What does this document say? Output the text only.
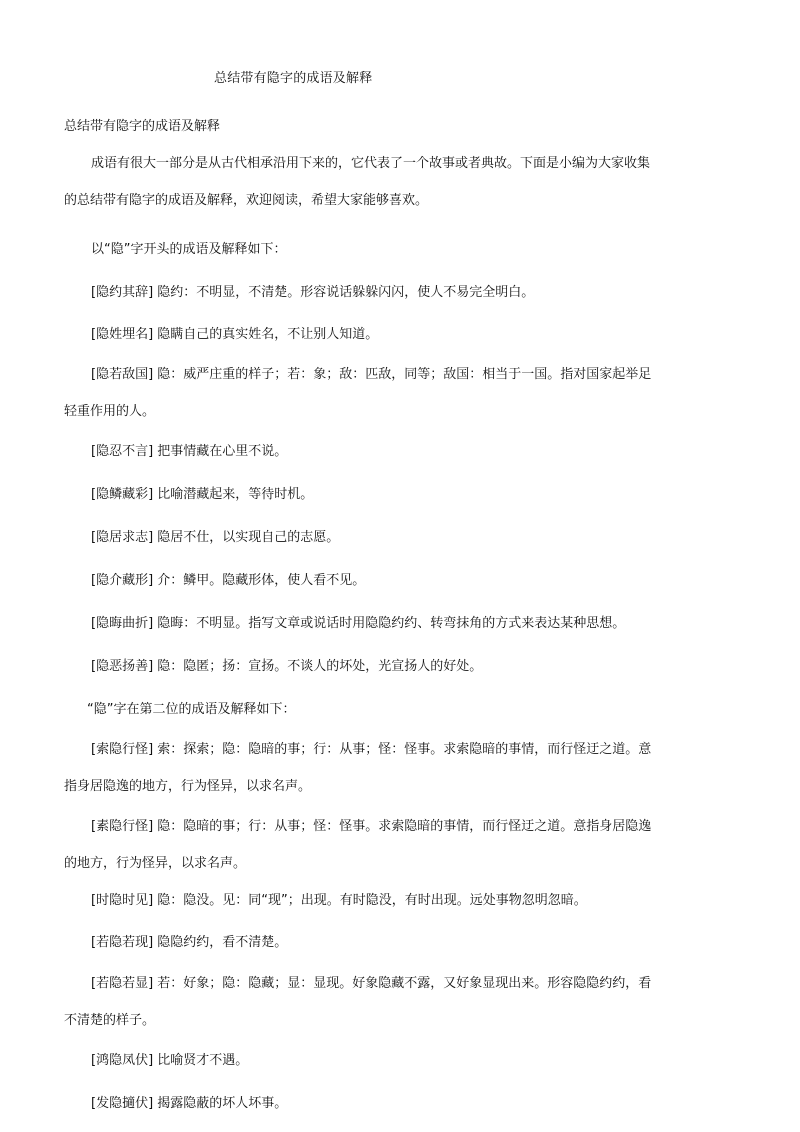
总结带有隐字的成语及解释
总结带有隐字的成语及解释
成语有很大一部分是从古代相承沿用下来的，它代表了一个故事或者典故。下面是小编为大家收集
的总结带有隐字的成语及解释，欢迎阅读，希望大家能够喜欢。
以“隐”字开头的成语及解释如下：
[隐约其辞] 隐约：不明显，不清楚。形容说话躲躲闪闪，使人不易完全明白。
[隐姓埋名] 隐瞒自己的真实姓名，不让别人知道。
[隐若敌国] 隐：威严庄重的样子；若：象；敌：匹敌，同等；敌国：相当于一国。指对国家起举足
轻重作用的人。
[隐忍不言] 把事情藏在心里不说。
[隐鳞藏彩] 比喻潜藏起来，等待时机。
[隐居求志] 隐居不仕，以实现自己的志愿。
[隐介藏形] 介：鳞甲。隐藏形体，使人看不见。
[隐晦曲折] 隐晦：不明显。指写文章或说话时用隐隐约约、转弯抹角的方式来表达某种思想。
[隐恶扬善] 隐：隐匿；扬：宣扬。不谈人的坏处，光宣扬人的好处。
“隐”字在第二位的成语及解释如下：
[索隐行怪] 索：探索；隐：隐暗的事；行：从事；怪：怪事。求索隐暗的事情，而行怪迂之道。意
指身居隐逸的地方，行为怪异，以求名声。
[素隐行怪] 隐：隐暗的事；行：从事；怪：怪事。求索隐暗的事情，而行怪迂之道。意指身居隐逸
的地方，行为怪异，以求名声。
[时隐时见] 隐：隐没。见：同“现”；出现。有时隐没，有时出现。远处事物忽明忽暗。
[若隐若现] 隐隐约约，看不清楚。
[若隐若显] 若：好象；隐：隐藏；显：显现。好象隐藏不露，又好象显现出来。形容隐隐约约，看
不清楚的样子。
[鸿隐凤伏] 比喻贤才不遇。
[发隐擿伏] 揭露隐蔽的坏人坏事。
